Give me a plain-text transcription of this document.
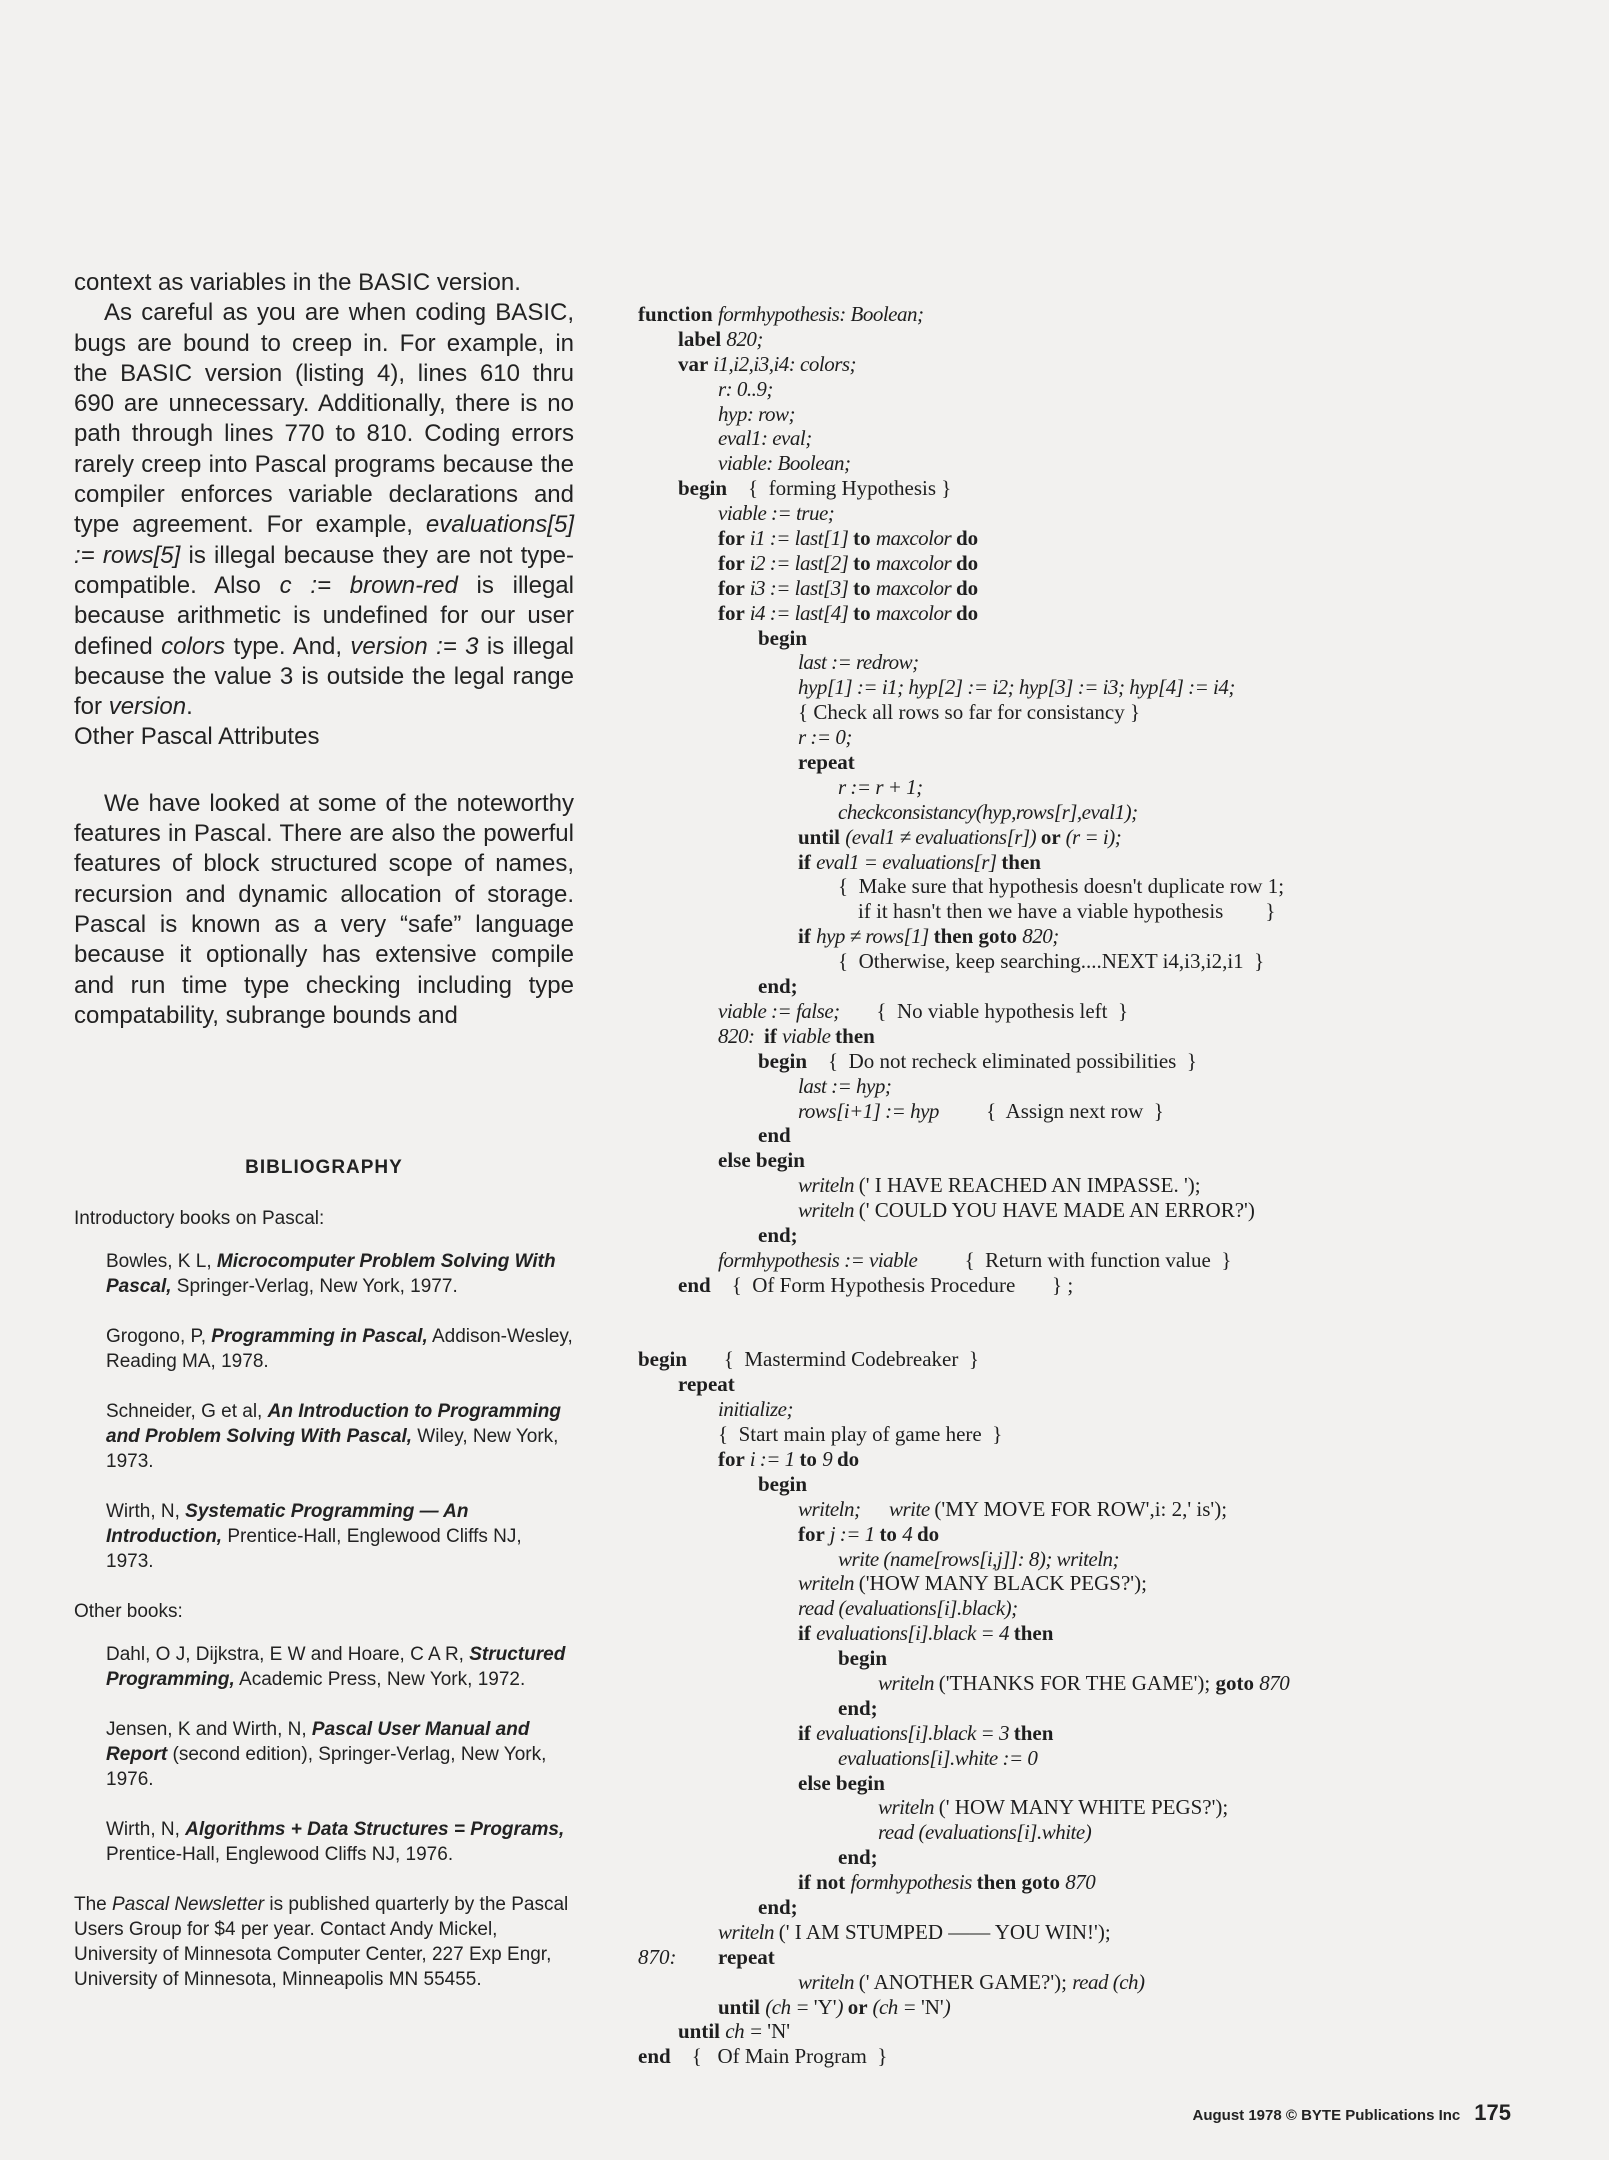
context as variables in the BASIC version.

As careful as you are when coding BASIC, bugs are bound to creep in. For example, in the BASIC version (listing 4), lines 610 thru 690 are unnecessary. Additionally, there is no path through lines 770 to 810. Coding errors rarely creep into Pascal programs because the compiler enforces variable declarations and type agreement. For example, evaluations[5] := rows[5] is illegal because they are not type-compatible. Also c := brown-red is illegal because arithmetic is undefined for our user defined colors type. And, version := 3 is illegal because the value 3 is outside the legal range for version.

Other Pascal Attributes

We have looked at some of the noteworthy features in Pascal. There are also the powerful features of block structured scope of names, recursion and dynamic allocation of storage. Pascal is known as a very “safe” language because it optionally has extensive compile and run time type checking including type compatability, subrange bounds and

BIBLIOGRAPHY
Introductory books on Pascal:
Bowles, K L, Microcomputer Problem Solving With Pascal, Springer-Verlag, New York, 1977.
Grogono, P, Programming in Pascal, Addison-Wesley, Reading MA, 1978.
Schneider, G et al, An Introduction to Programming and Problem Solving With Pascal, Wiley, New York, 1973.
Wirth, N, Systematic Programming — An Introduction, Prentice-Hall, Englewood Cliffs NJ, 1973.
Other books:
Dahl, O J, Dijkstra, E W and Hoare, C A R, Structured Programming, Academic Press, New York, 1972.
Jensen, K and Wirth, N, Pascal User Manual and Report (second edition), Springer-Verlag, New York, 1976.
Wirth, N, Algorithms + Data Structures = Programs, Prentice-Hall, Englewood Cliffs NJ, 1976.
The Pascal Newsletter is published quarterly by the Pascal Users Group for $4 per year. Contact Andy Mickel, University of Minnesota Computer Center, 227 Exp Engr, University of Minnesota, Minneapolis MN 55455.
function formhypothesis: Boolean;
label 820;
var i1,i2,i3,i4: colors;
r: 0..9;
hyp: row;
eval1: eval;
viable: Boolean;
begin    {  forming Hypothesis }
viable := true;
for i1 := last[1] to maxcolor do
for i2 := last[2] to maxcolor do
for i3 := last[3] to maxcolor do
for i4 := last[4] to maxcolor do
begin
last := redrow;
hyp[1] := i1; hyp[2] := i2; hyp[3] := i3; hyp[4] := i4;
{ Check all rows so far for consistancy }
r := 0;
repeat
r := r + 1;
checkconsistancy(hyp,rows[r],eval1);
until (eval1 ≠ evaluations[r]) or (r = i);
if eval1 = evaluations[r] then
{  Make sure that hypothesis doesn't duplicate row 1;
if it hasn't then we have a viable hypothesis        }
if hyp ≠ rows[1] then goto 820;
{  Otherwise, keep searching....NEXT i4,i3,i2,i1  }
end;
viable := false;       {  No viable hypothesis left  }
820:  if viable then
begin    {  Do not recheck eliminated possibilities  }
last := hyp;
rows[i+1] := hyp         {  Assign next row  }
end
else begin
writeln (' I HAVE REACHED AN IMPASSE. ');
writeln (' COULD YOU HAVE MADE AN ERROR?')
end;
formhypothesis := viable         {  Return with function value  }
end    {  Of Form Hypothesis Procedure       } ;

begin       {  Mastermind Codebreaker  }
repeat
initialize;
{  Start main play of game here  }
for i := 1 to 9 do
begin
writeln;      write ('MY MOVE FOR ROW',i: 2,' is');
for j := 1 to 4 do
write (name[rows[i,j]]: 8); writeln;
writeln ('HOW MANY BLACK PEGS?');
read (evaluations[i].black);
if evaluations[i].black = 4 then
begin
writeln ('THANKS FOR THE GAME'); goto 870
end;
if evaluations[i].black = 3 then
evaluations[i].white := 0
else begin
writeln (' HOW MANY WHITE PEGS?');
read (evaluations[i].white)
end;
if not formhypothesis then goto 870
end;
writeln (' I AM STUMPED —— YOU WIN!');
870: repeat
writeln (' ANOTHER GAME?'); read (ch)
until (ch = 'Y') or (ch = 'N')
until ch = 'N'
end    {   Of Main Program  }
August 1978 © BYTE Publications Inc 175
